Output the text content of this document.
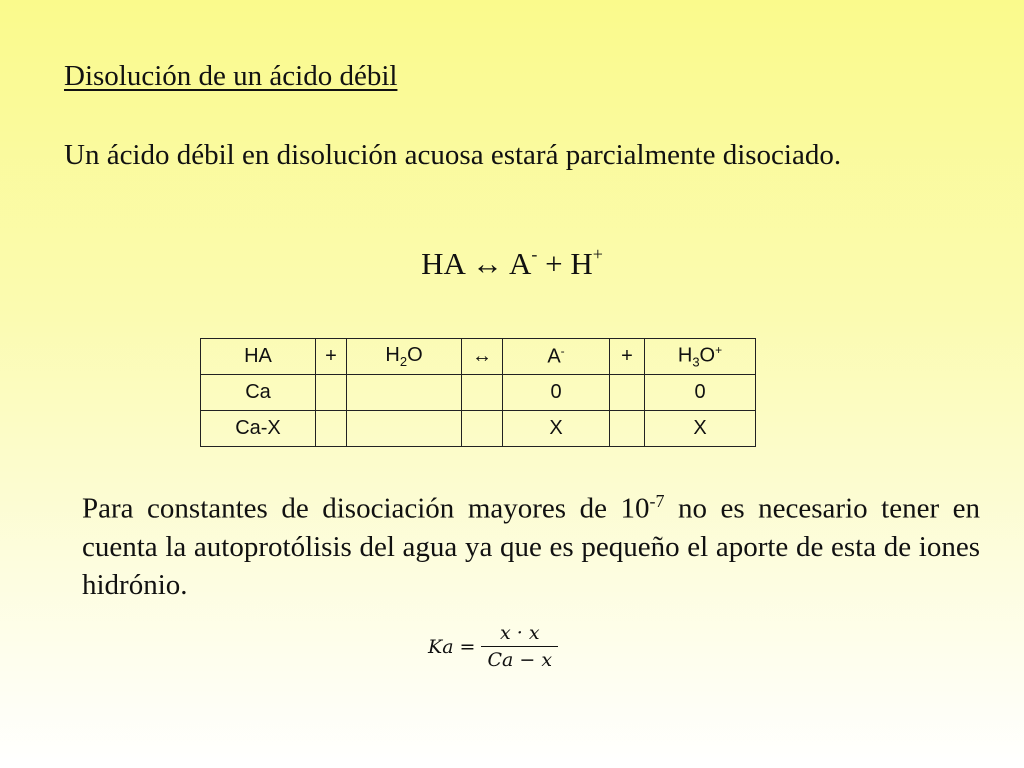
Disolución de un ácido débil
Un ácido débil en disolución acuosa estará parcialmente disociado.
HA ↔ A- + H+
HA	+	$H_2O$	↔	A-	+	$H_3O^+$
Ca				0		0
Ca-X				X		X
Para constantes de disociación mayores de $10^{-7}$ no es necesario tener en cuenta la autoprotólisis del agua ya que es pequeño el aporte de esta de iones hidrónio.
$Ka = \frac{x \cdot x}{Ca - x}$
